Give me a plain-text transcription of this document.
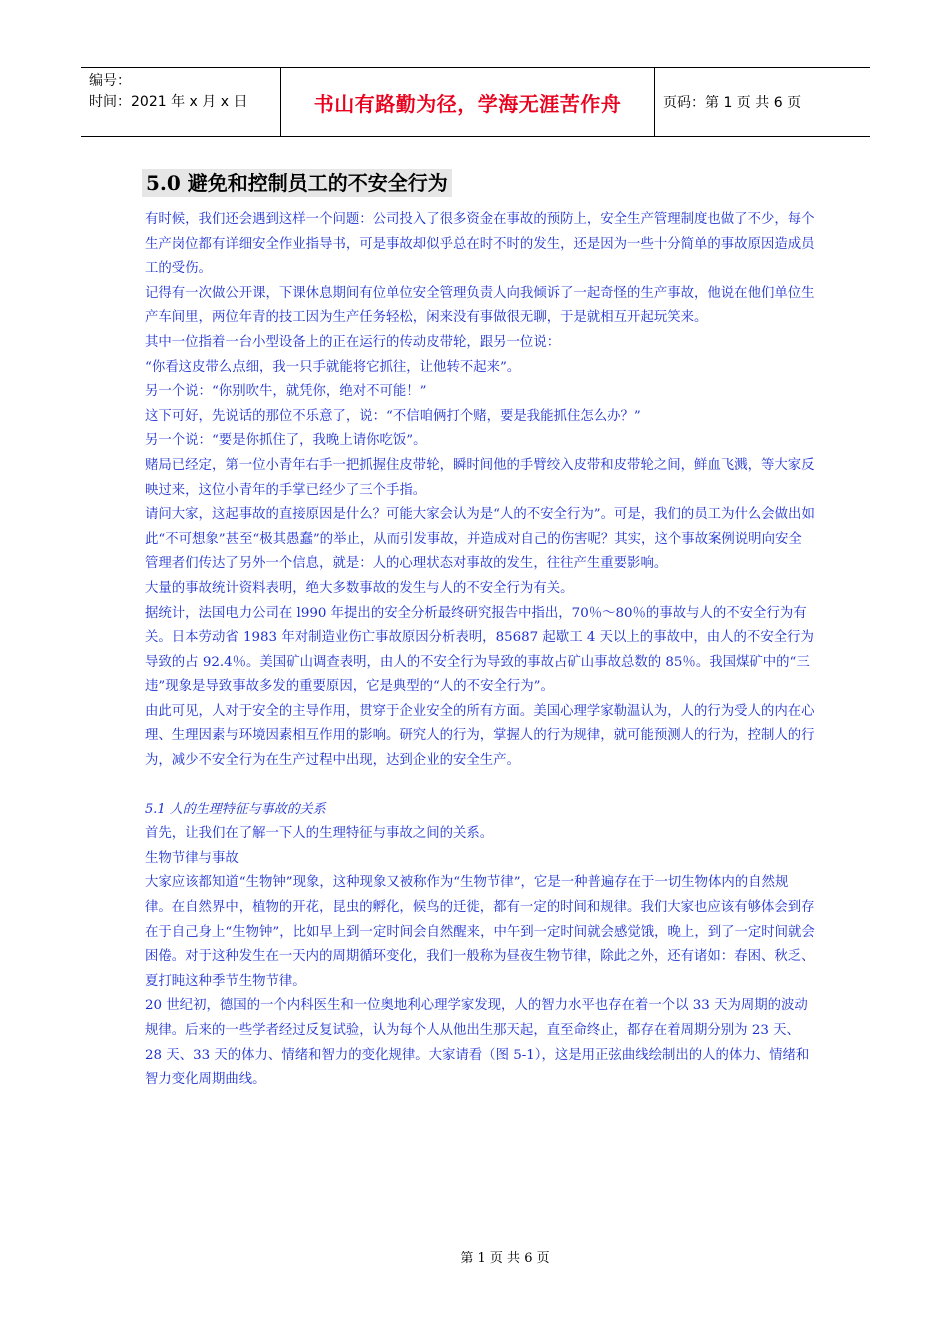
编号：
时间：2021 年 x 月 x 日	书山有路勤为径，学海无涯苦作舟	页码：第 1 页 共 6 页
5.0 避免和控制员工的不安全行为

有时候，我们还会遇到这样一个问题：公司投入了很多资金在事故的预防上，安全生产管理制度也做了不少，每个生产岗位都有详细安全作业指导书，可是事故却似乎总在时不时的发生，还是因为一些十分简单的事故原因造成员工的受伤。

记得有一次做公开课，下课休息期间有位单位安全管理负责人向我倾诉了一起奇怪的生产事故，他说在他们单位生产车间里，两位年青的技工因为生产任务轻松，闲来没有事做很无聊，于是就相互开起玩笑来。

其中一位指着一台小型设备上的正在运行的传动皮带轮，跟另一位说：

“你看这皮带么点细，我一只手就能将它抓往，让他转不起来”。

另一个说：“你别吹牛，就凭你，绝对不可能！”

这下可好，先说话的那位不乐意了，说：“不信咱俩打个赌，要是我能抓住怎么办？”

另一个说：“要是你抓住了，我晚上请你吃饭”。

赌局已经定，第一位小青年右手一把抓握住皮带轮，瞬时间他的手臂绞入皮带和皮带轮之间，鲜血飞溅，等大家反映过来，这位小青年的手掌已经少了三个手指。

请问大家，这起事故的直接原因是什么？可能大家会认为是“人的不安全行为”。可是，我们的员工为什么会做出如此“不可想象”甚至“极其愚蠢”的举止，从而引发事故，并造成对自己的伤害呢？其实，这个事故案例说明向安全管理者们传达了另外一个信息，就是：人的心理状态对事故的发生，往往产生重要影响。

大量的事故统计资料表明，绝大多数事故的发生与人的不安全行为有关。

据统计，法国电力公司在 l990 年提出的安全分析最终研究报告中指出，70％～80％的事故与人的不安全行为有关。日本劳动省 1983 年对制造业伤亡事故原因分析表明，85687 起歇工 4 天以上的事故中，由人的不安全行为导致的占 92.4％。美国矿山调查表明，由人的不安全行为导致的事故占矿山事故总数的 85％。我国煤矿中的“三违”现象是导致事故多发的重要原因，它是典型的“人的不安全行为”。

由此可见，人对于安全的主导作用，贯穿于企业安全的所有方面。美国心理学家勒温认为，人的行为受人的内在心理、生理因素与环境因素相互作用的影响。研究人的行为，掌握人的行为规律，就可能预测人的行为，控制人的行为，减少不安全行为在生产过程中出现，达到企业的安全生产。

5.1 人的生理特征与事故的关系

首先，让我们在了解一下人的生理特征与事故之间的关系。

生物节律与事故

大家应该都知道“生物钟”现象，这种现象又被称作为“生物节律”，它是一种普遍存在于一切生物体内的自然规律。在自然界中，植物的开花，昆虫的孵化，候鸟的迁徙，都有一定的时间和规律。我们大家也应该有够体会到存在于自己身上“生物钟”，比如早上到一定时间会自然醒来，中午到一定时间就会感觉饿，晚上，到了一定时间就会困倦。对于这种发生在一天内的周期循环变化，我们一般称为昼夜生物节律，除此之外，还有诸如：春困、秋乏、夏打盹这种季节生物节律。

20 世纪初，德国的一个内科医生和一位奥地利心理学家发现，人的智力水平也存在着一个以 33 天为周期的波动规律。后来的一些学者经过反复试验，认为每个人从他出生那天起，直至命终止，都存在着周期分别为 23 天、28 天、33 天的体力、情绪和智力的变化规律。大家请看（图 5-1），这是用正弦曲线绘制出的人的体力、情绪和智力变化周期曲线。

第 1 页 共 6 页
